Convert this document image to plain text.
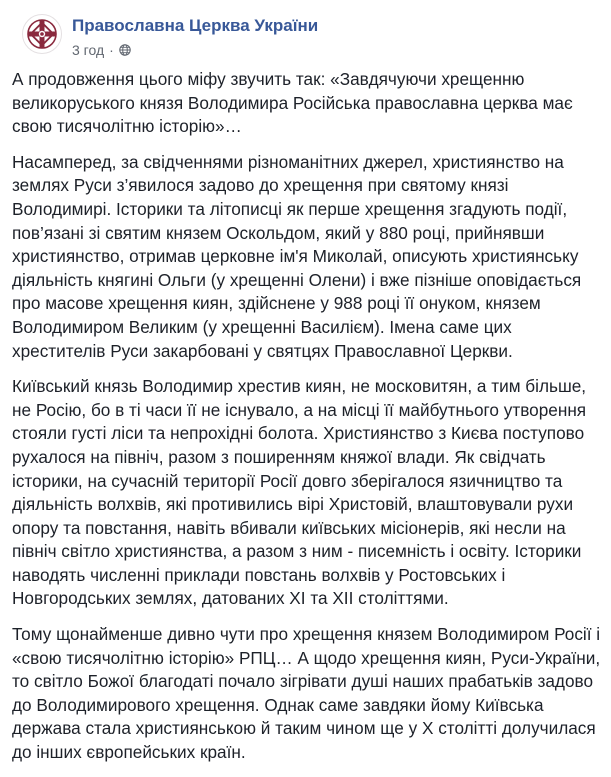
Православна Церква України
3 год ·

А продовження цього міфу звучить так: «Завдячуючи хрещенню великоруського князя Володимира Російська православна церква має свою тисячолітню історію»…

Насамперед, за свідченнями різноманітних джерел, християнство на землях Руси з’явилося задово до хрещення при святому князі Володимирі. Історики та літописці як перше хрещення згадують події, пов’язані зі святим князем Оскольдом, який у 880 році, прийнявши християнство, отримав церковне ім'я Миколай, описують християнську діяльність княгині Ольги (у хрещенні Олени) і вже пізніше оповідається про масове хрещення киян, здійснене у 988 році її онуком, князем Володимиром Великим (у хрещенні Василієм). Імена саме цих хрестителів Руси закарбовані у святцях Православної Церкви.

Київський князь Володимир хрестив киян, не московитян, а тим більше, не Росію, бо в ті часи її не існувало, а на місці її майбутнього утворення стояли густі ліси та непрохідні болота. Християнство з Києва поступово рухалося на північ, разом з поширенням княжої влади. Як свідчать історики, на сучасній території Росії довго зберігалося язичництво та діяльність волхвів, які противились вірі Христовій, влаштовували рухи опору та повстання, навіть вбивали київських місіонерів, які несли на північ світло християнства, а разом з ним - писемність і освіту. Історики наводять численні приклади повстань волхвів у Ростовських і Новгородських землях, датованих XI та XII століттями.

Тому щонайменше дивно чути про хрещення князем Володимиром Росії і «свою тисячолітню історію» РПЦ… А щодо хрещення киян, Руси-України, то світло Божої благодаті почало зігрівати душі наших прабатьків задово до Володимирового хрещення. Однак саме завдяки йому Київська держава стала християнською й таким чином ще у Х столітті долучилася до інших європейських країн.
